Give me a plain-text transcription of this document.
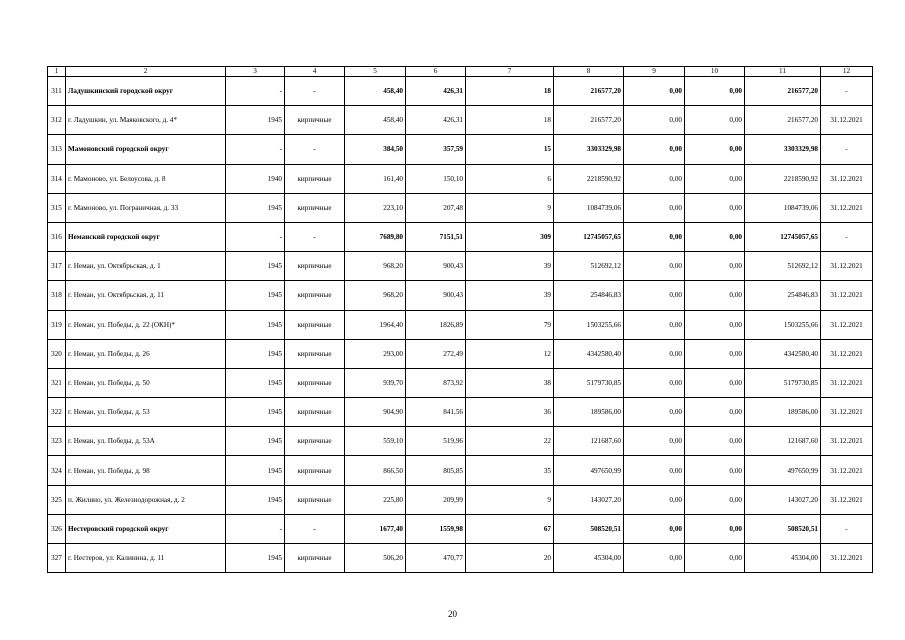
1	2	3	4	5	6	7	8	9	10	11	12
311	Ладушкинский городской округ	-	-	458,40	426,31	18	216577,20	0,00	0,00	216577,20	-
312	г. Ладушкин, ул. Маяковского, д. 4*	1945	кирпичные	458,40	426,31	18	216577,20	0,00	0,00	216577,20	31.12.2021
313	Мамоновский городской округ	-	-	384,50	357,59	15	3303329,98	0,00	0,00	3303329,98	-
314	г. Мамоново, ул. Белоусова, д. 8	1940	кирпичные	161,40	150,10	6	2218590,92	0,00	0,00	2218590,92	31.12.2021
315	г. Мамоново, ул. Пограничная, д. 33	1945	кирпичные	223,10	207,48	9	1084739,06	0,00	0,00	1084739,06	31.12.2021
316	Неманский городской округ	-	-	7689,80	7151,51	309	12745057,65	0,00	0,00	12745057,65	-
317	г. Неман, ул. Октябрьская, д. 1	1945	кирпичные	968,20	900,43	39	512692,12	0,00	0,00	512692,12	31.12.2021
318	г. Неман, ул. Октябрьская, д. 11	1945	кирпичные	968,20	900,43	39	254846,83	0,00	0,00	254846,83	31.12.2021
319	г. Неман, ул. Победы, д. 22 (ОКН)*	1945	кирпичные	1964,40	1826,89	79	1503255,66	0,00	0,00	1503255,66	31.12.2021
320	г. Неман, ул. Победы, д. 26	1945	кирпичные	293,00	272,49	12	4342580,40	0,00	0,00	4342580,40	31.12.2021
321	г. Неман, ул. Победы, д. 50	1945	кирпичные	939,70	873,92	38	5179730,85	0,00	0,00	5179730,85	31.12.2021
322	г. Неман, ул. Победы, д. 53	1945	кирпичные	904,90	841,56	36	189586,00	0,00	0,00	189586,00	31.12.2021
323	г. Неман, ул. Победы, д. 53А	1945	кирпичные	559,10	519,96	22	121687,60	0,00	0,00	121687,60	31.12.2021
324	г. Неман, ул. Победы, д. 98	1945	кирпичные	866,50	805,85	35	497650,99	0,00	0,00	497650,99	31.12.2021
325	п. Жилино, ул. Железнодорожная, д. 2	1945	кирпичные	225,80	209,99	9	143027,20	0,00	0,00	143027,20	31.12.2021
326	Нестеровский городской округ	-	-	1677,40	1559,98	67	508520,51	0,00	0,00	508520,51	-
327	г. Нестеров, ул. Калинина, д. 11	1945	кирпичные	506,20	470,77	20	45304,00	0,00	0,00	45304,00	31.12.2021
20
